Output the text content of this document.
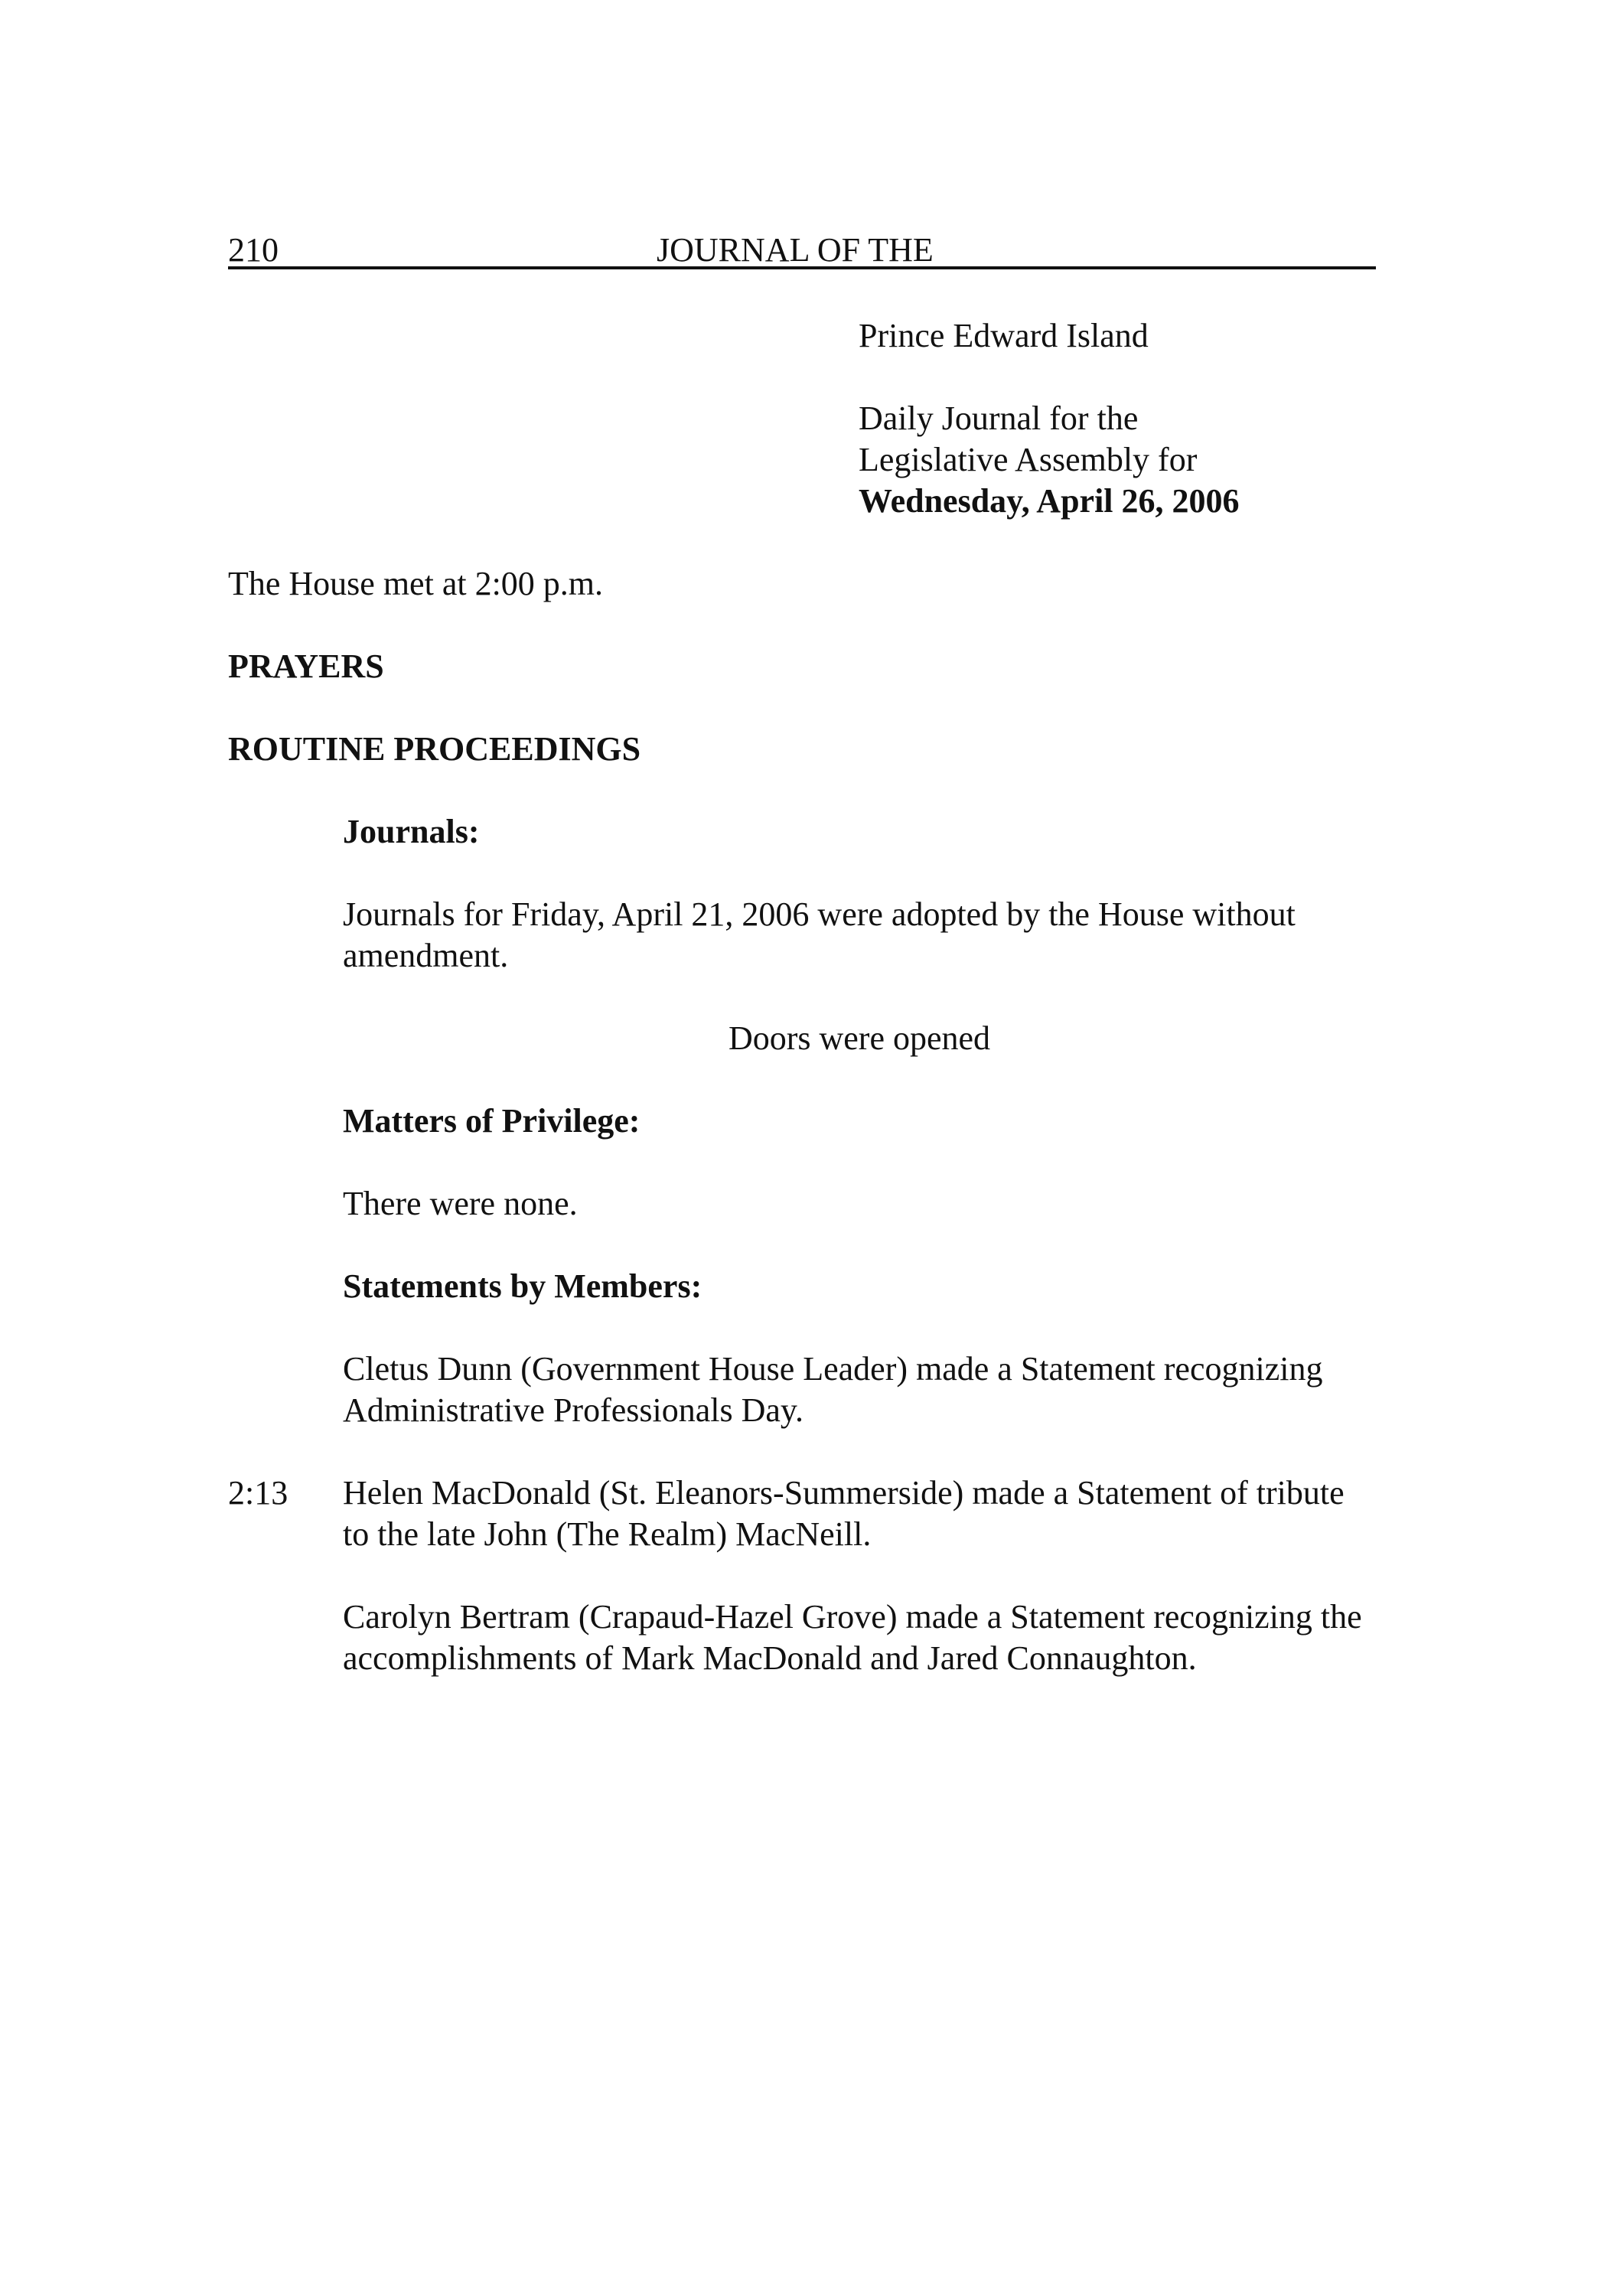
210	JOURNAL OF THE

Prince Edward Island

Daily Journal for the

Legislative Assembly for

Wednesday, April 26, 2006

The House met at 2:00 p.m.

PRAYERS

ROUTINE PROCEEDINGS

Journals:

Journals for Friday, April 21, 2006 were adopted by the House without

amendment.

Doors were opened

Matters of Privilege:

There were none.

Statements by Members:

Cletus Dunn (Government House Leader) made a Statement recognizing

Administrative Professionals Day.

2:13 Helen MacDonald (St. Eleanors-Summerside) made a Statement of tribute

to the late John (The Realm) MacNeill.

Carolyn Bertram (Crapaud-Hazel Grove) made a Statement recognizing the

accomplishments of Mark MacDonald and Jared Connaughton.
